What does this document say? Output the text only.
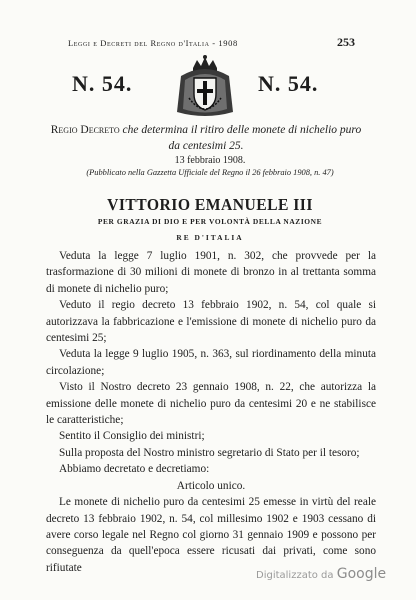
Leggi e Decreti del Regno d'Italia - 1908	253
N. 54.	N. 54.
Regio Decreto che determina il ritiro delle monete di nichelio puro da centesimi 25.
13 febbraio 1908.
(Pubblicato nella Gazzetta Ufficiale del Regno il 26 febbraio 1908, n. 47)
VITTORIO EMANUELE III
PER GRAZIA DI DIO E PER VOLONTÀ DELLA NAZIONE
RE D'ITALIA

Veduta la legge 7 luglio 1901, n. 302, che provvede per la trasformazione di 30 milioni di monete di bronzo in al trettanta somma di monete di nichelio puro;

Veduto il regio decreto 13 febbraio 1902, n. 54, col quale si autorizzava la fabbricazione e l'emissione di monete di nichelio puro da centesimi 25;

Veduta la legge 9 luglio 1905, n. 363, sul riordinamento della minuta circolazione;

Visto il Nostro decreto 23 gennaio 1908, n. 22, che autorizza la emissione delle monete di nichelio puro da centesimi 20 e ne stabilisce le caratteristiche;

Sentito il Consiglio dei ministri;

Sulla proposta del Nostro ministro segretario di Stato per il tesoro;

Abbiamo decretato e decretiamo:

Articolo unico.

Le monete di nichelio puro da centesimi 25 emesse in virtù del reale decreto 13 febbraio 1902, n. 54, col millesimo 1902 e 1903 cessano di avere corso legale nel Regno col giorno 31 gennaio 1909 e possono per conseguenza da quell'epoca essere ricusati dai privati, come sono rifiutate

Digitalizzato da Google
